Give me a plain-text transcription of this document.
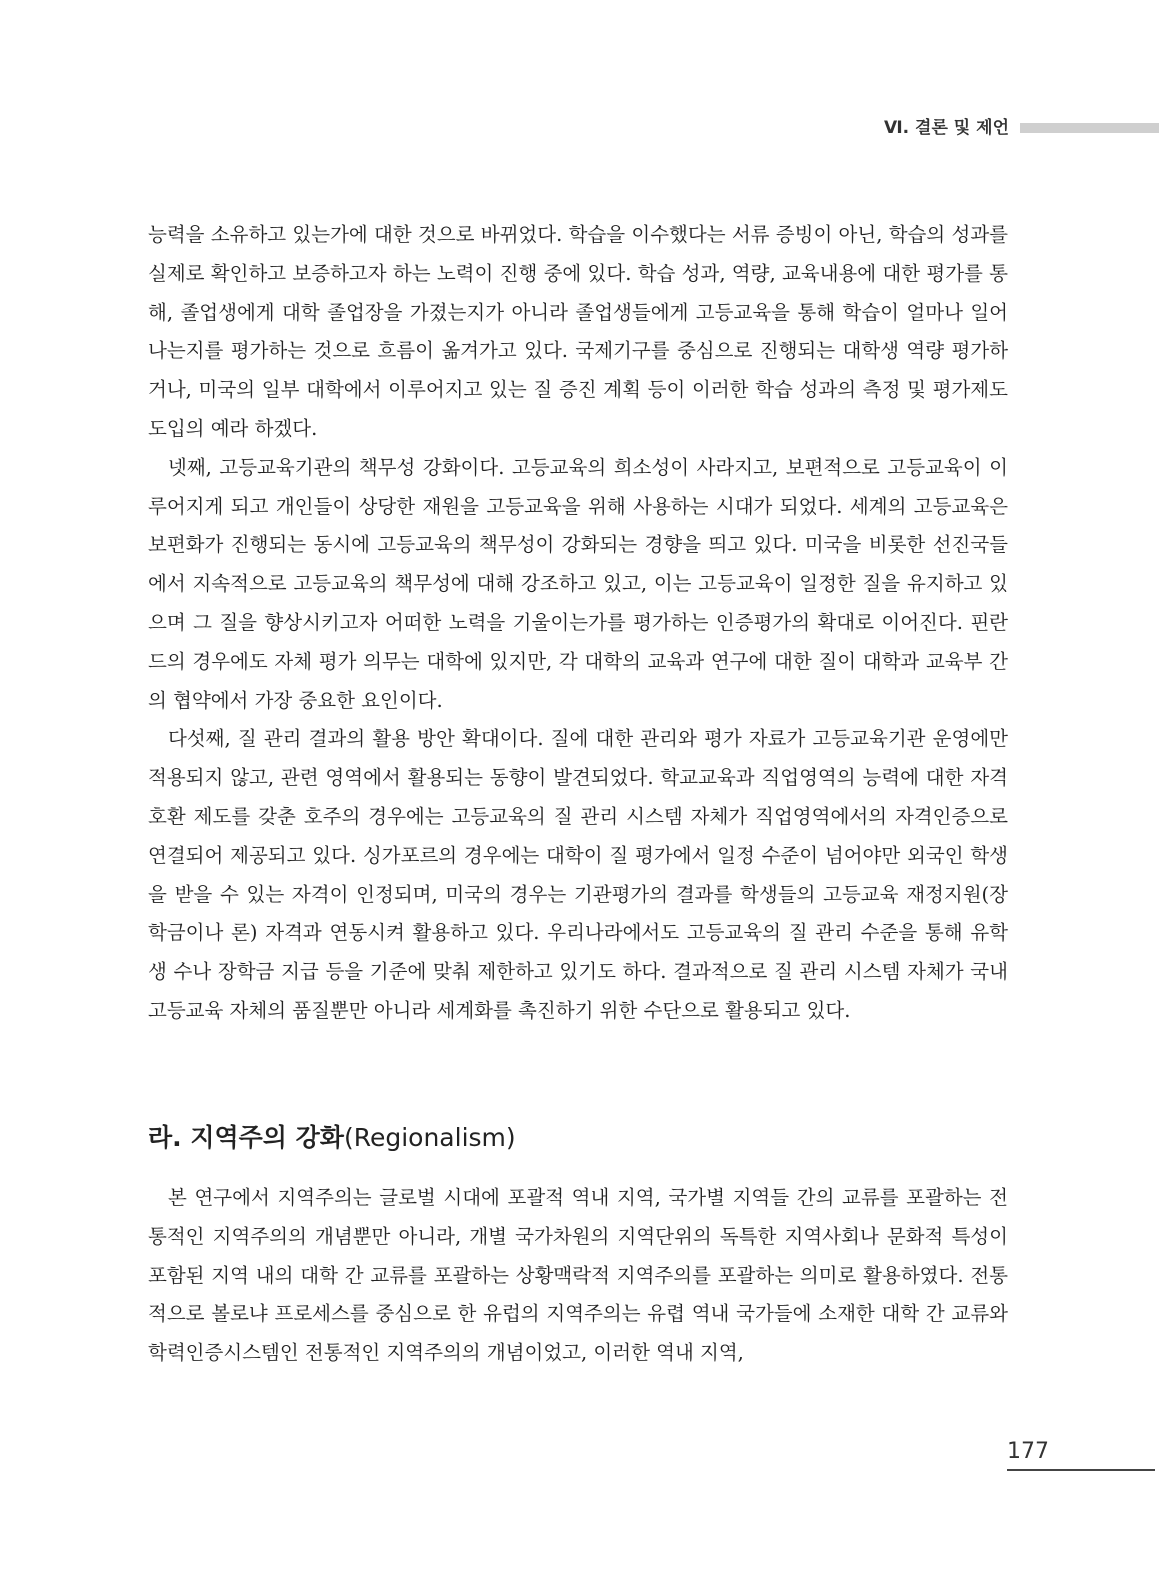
Ⅵ. 결론 및 제언

능력을 소유하고 있는가에 대한 것으로 바뀌었다. 학습을 이수했다는 서류 증빙이 아닌, 학습의 성과를 실제로 확인하고 보증하고자 하는 노력이 진행 중에 있다. 학습 성과, 역량, 교육내용에 대한 평가를 통해, 졸업생에게 대학 졸업장을 가졌는지가 아니라 졸업생들에게 고등교육을 통해 학습이 얼마나 일어나는지를 평가하는 것으로 흐름이 옮겨가고 있다. 국제기구를 중심으로 진행되는 대학생 역량 평가하거나, 미국의 일부 대학에서 이루어지고 있는 질 증진 계획 등이 이러한 학습 성과의 측정 및 평가제도 도입의 예라 하겠다.

넷째, 고등교육기관의 책무성 강화이다. 고등교육의 희소성이 사라지고, 보편적으로 고등교육이 이루어지게 되고 개인들이 상당한 재원을 고등교육을 위해 사용하는 시대가 되었다. 세계의 고등교육은 보편화가 진행되는 동시에 고등교육의 책무성이 강화되는 경향을 띄고 있다. 미국을 비롯한 선진국들에서 지속적으로 고등교육의 책무성에 대해 강조하고 있고, 이는 고등교육이 일정한 질을 유지하고 있으며 그 질을 향상시키고자 어떠한 노력을 기울이는가를 평가하는 인증평가의 확대로 이어진다. 핀란드의 경우에도 자체 평가 의무는 대학에 있지만, 각 대학의 교육과 연구에 대한 질이 대학과 교육부 간의 협약에서 가장 중요한 요인이다.

다섯째, 질 관리 결과의 활용 방안 확대이다. 질에 대한 관리와 평가 자료가 고등교육기관 운영에만 적용되지 않고, 관련 영역에서 활용되는 동향이 발견되었다. 학교교육과 직업영역의 능력에 대한 자격호환 제도를 갖춘 호주의 경우에는 고등교육의 질 관리 시스템 자체가 직업영역에서의 자격인증으로 연결되어 제공되고 있다. 싱가포르의 경우에는 대학이 질 평가에서 일정 수준이 넘어야만 외국인 학생을 받을 수 있는 자격이 인정되며, 미국의 경우는 기관평가의 결과를 학생들의 고등교육 재정지원(장학금이나 론) 자격과 연동시켜 활용하고 있다. 우리나라에서도 고등교육의 질 관리 수준을 통해 유학생 수나 장학금 지급 등을 기준에 맞춰 제한하고 있기도 하다. 결과적으로 질 관리 시스템 자체가 국내 고등교육 자체의 품질뿐만 아니라 세계화를 촉진하기 위한 수단으로 활용되고 있다.

라. 지역주의 강화(Regionalism)

본 연구에서 지역주의는 글로벌 시대에 포괄적 역내 지역, 국가별 지역들 간의 교류를 포괄하는 전통적인 지역주의의 개념뿐만 아니라, 개별 국가차원의 지역단위의 독특한 지역사회나 문화적 특성이 포함된 지역 내의 대학 간 교류를 포괄하는 상황맥락적 지역주의를 포괄하는 의미로 활용하였다. 전통적으로 볼로냐 프로세스를 중심으로 한 유럽의 지역주의는 유렵 역내 국가들에 소재한 대학 간 교류와 학력인증시스템인 전통적인 지역주의의 개념이었고, 이러한 역내 지역,

177
